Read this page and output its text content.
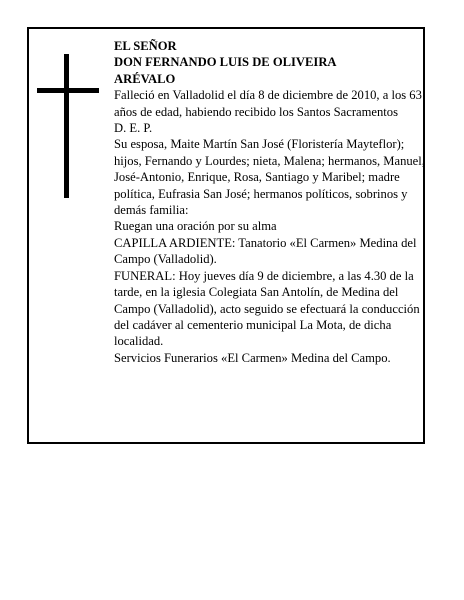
EL SEÑOR
DON FERNANDO LUIS DE OLIVEIRA
ARÉVALO

Falleció en Valladolid el día 8 de diciembre de 2010, a los 63 años de edad, habiendo recibido los Santos Sacramentos

D. E. P.

Su esposa, Maite Martín San José (Floristería Mayteflor); hijos, Fernando y Lourdes; nieta, Malena; hermanos, Manuel, José-Antonio, Enrique, Rosa, Santiago y Maribel; madre política, Eufrasia San José; hermanos políticos, sobrinos y demás familia:

Ruegan una oración por su alma

CAPILLA ARDIENTE: Tanatorio «El Carmen» Medina del Campo (Valladolid).

FUNERAL: Hoy jueves día 9 de diciembre, a las 4.30 de la tarde, en la iglesia Colegiata San Antolín, de Medina del Campo (Valladolid), acto seguido se efectuará la conducción del cadáver al cementerio municipal La Mota, de dicha localidad.

Servicios Funerarios «El Carmen» Medina del Campo.
